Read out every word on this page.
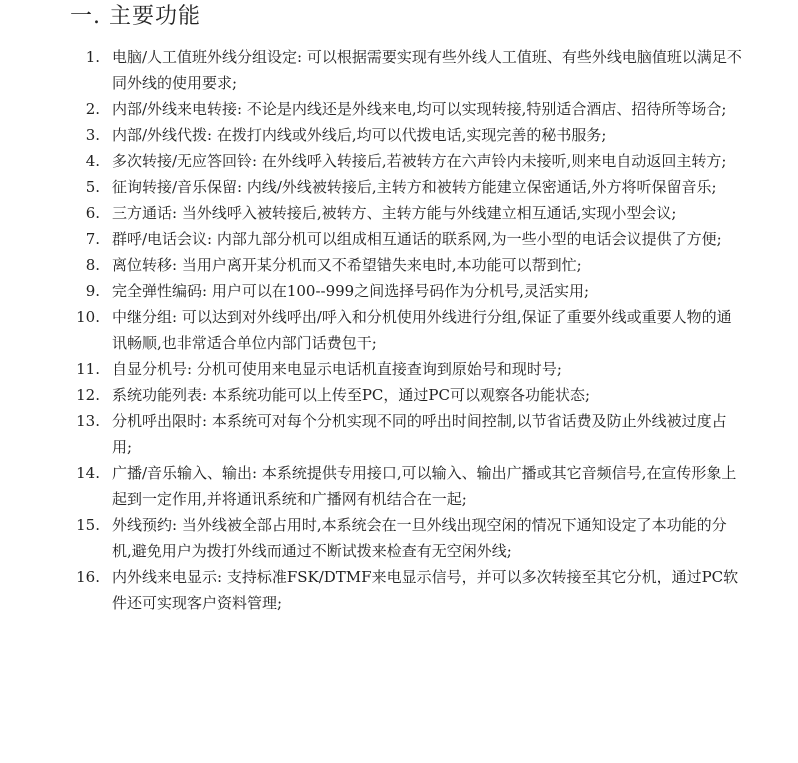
一. 主要功能
1. 电脑/人工值班外线分组设定: 可以根据需要实现有些外线人工值班、有些外线电脑值班以满足不同外线的使用要求;
2. 内部/外线来电转接: 不论是内线还是外线来电,均可以实现转接,特别适合酒店、招待所等场合;
3. 内部/外线代拨: 在拨打内线或外线后,均可以代拨电话,实现完善的秘书服务;
4. 多次转接/无应答回铃: 在外线呼入转接后,若被转方在六声铃内未接听,则来电自动返回主转方;
5. 征询转接/音乐保留: 内线/外线被转接后,主转方和被转方能建立保密通话,外方将听保留音乐;
6. 三方通话: 当外线呼入被转接后,被转方、主转方能与外线建立相互通话,实现小型会议;
7. 群呼/电话会议: 内部九部分机可以组成相互通话的联系网,为一些小型的电话会议提供了方便;
8. 离位转移: 当用户离开某分机而又不希望错失来电时,本功能可以帮到忙;
9. 完全弹性编码: 用户可以在100--999之间选择号码作为分机号,灵活实用;
10. 中继分组: 可以达到对外线呼出/呼入和分机使用外线进行分组,保证了重要外线或重要人物的通讯畅顺,也非常适合单位内部门话费包干;
11. 自显分机号: 分机可使用来电显示电话机直接查询到原始号和现时号;
12. 系统功能列表: 本系统功能可以上传至PC，通过PC可以观察各功能状态;
13. 分机呼出限时: 本系统可对每个分机实现不同的呼出时间控制,以节省话费及防止外线被过度占用;
14. 广播/音乐输入、输出: 本系统提供专用接口,可以输入、输出广播或其它音频信号,在宣传形象上起到一定作用,并将通讯系统和广播网有机结合在一起;
15. 外线预约: 当外线被全部占用时,本系统会在一旦外线出现空闲的情况下通知设定了本功能的分机,避免用户为拨打外线而通过不断试拨来检查有无空闲外线;
16. 内外线来电显示: 支持标准FSK/DTMF来电显示信号，并可以多次转接至其它分机，通过PC软件还可实现客户资料管理;
